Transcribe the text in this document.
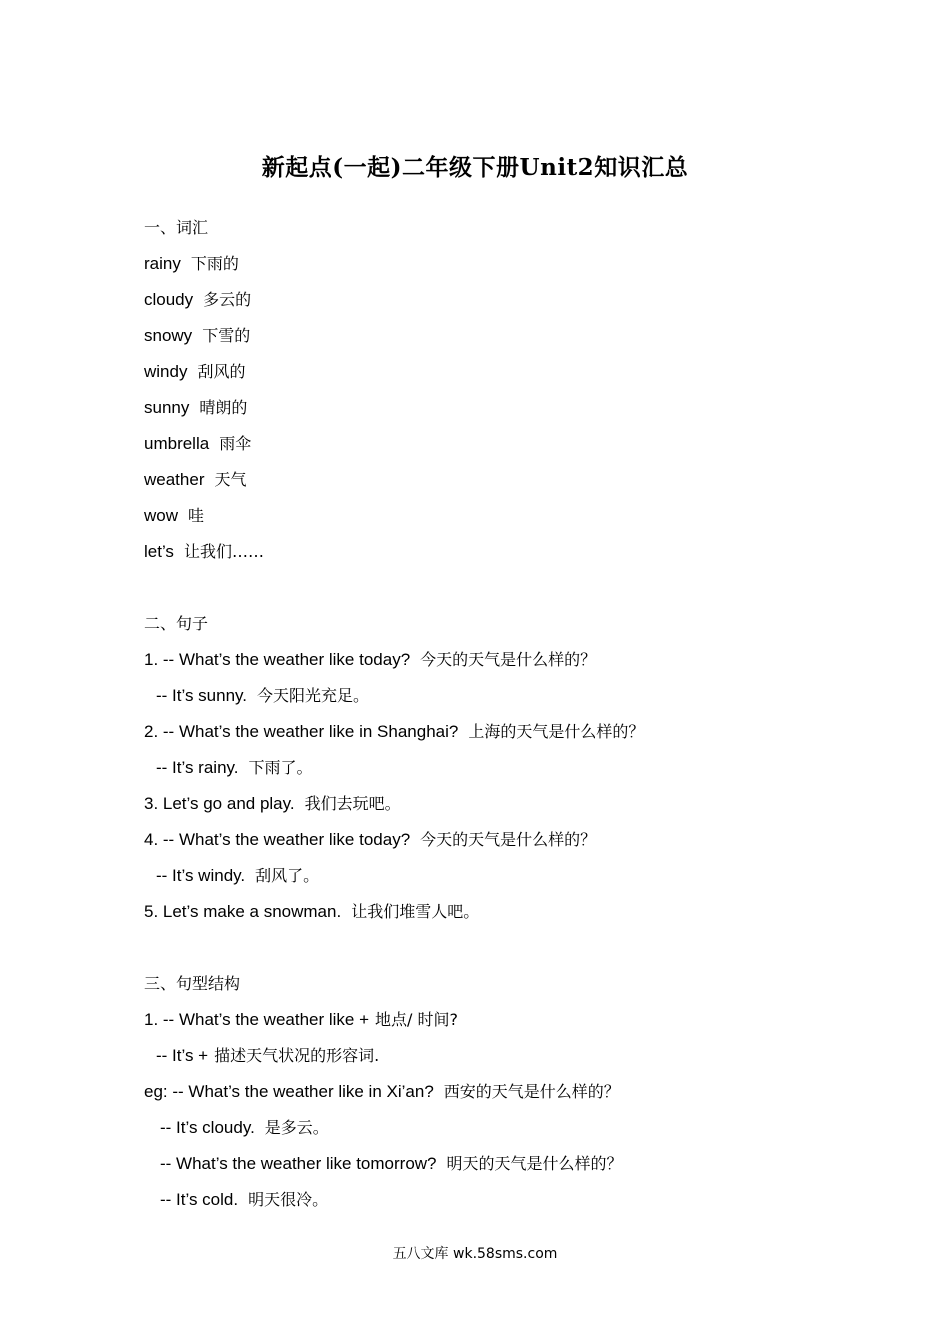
新起点(一起)二年级下册Unit2知识汇总
一、词汇
rainy 下雨的
cloudy 多云的
snowy 下雪的
windy 刮风的
sunny 晴朗的
umbrella 雨伞
weather 天气
wow 哇
let’s 让我们……
二、句子
1. -- What’s the weather like today? 今天的天气是什么样的？
-- It’s sunny. 今天阳光充足。
2. -- What’s the weather like in Shanghai? 上海的天气是什么样的？
-- It’s rainy. 下雨了。
3. Let’s go and play. 我们去玩吧。
4. -- What’s the weather like today? 今天的天气是什么样的？
-- It’s windy. 刮风了。
5. Let’s make a snowman. 让我们堆雪人吧。
三、句型结构
1. -- What’s the weather like + 地点/ 时间?
-- It’s + 描述天气状况的形容词.
eg: -- What’s the weather like in Xi’an? 西安的天气是什么样的？
-- It’s cloudy. 是多云。
-- What’s the weather like tomorrow? 明天的天气是什么样的？
-- It’s cold. 明天很冷。
五八文库 wk.58sms.com
